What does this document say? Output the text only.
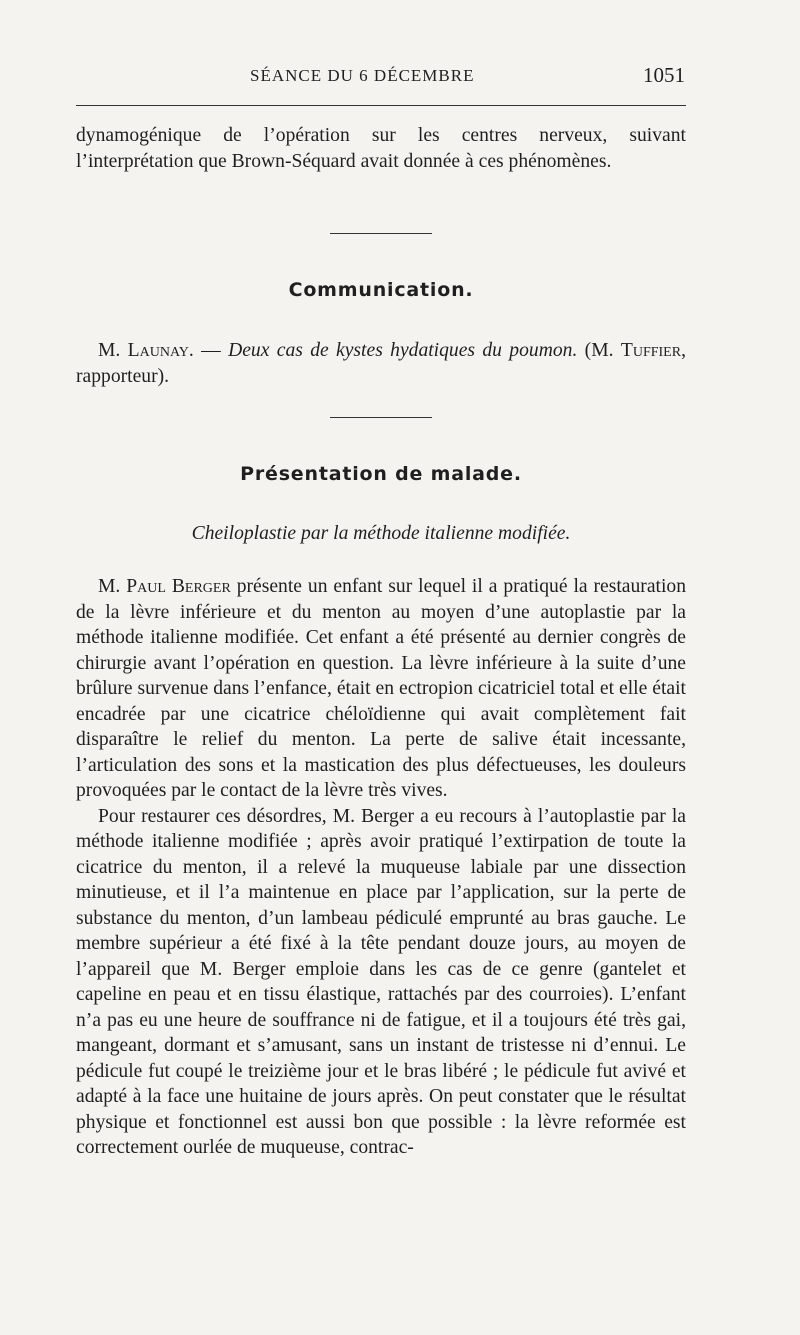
SÉANCE DU 6 DÉCEMBRE	1051

dynamogénique de l’opération sur les centres nerveux, suivant l’interprétation que Brown-Séquard avait donnée à ces phénomènes.

Communication.

M. Launay. — Deux cas de kystes hydatiques du poumon. (M. Tuffier, rapporteur).

Présentation de malade.
Cheiloplastie par la méthode italienne modifiée.

M. Paul Berger présente un enfant sur lequel il a pratiqué la restauration de la lèvre inférieure et du menton au moyen d’une autoplastie par la méthode italienne modifiée. Cet enfant a été présenté au dernier congrès de chirurgie avant l’opération en question. La lèvre inférieure à la suite d’une brûlure survenue dans l’enfance, était en ectropion cicatriciel total et elle était encadrée par une cicatrice chéloïdienne qui avait complètement fait disparaître le relief du menton. La perte de salive était incessante, l’articulation des sons et la mastication des plus défectueuses, les douleurs provoquées par le contact de la lèvre très vives.

Pour restaurer ces désordres, M. Berger a eu recours à l’autoplastie par la méthode italienne modifiée ; après avoir pratiqué l’extirpation de toute la cicatrice du menton, il a relevé la muqueuse labiale par une dissection minutieuse, et il l’a maintenue en place par l’application, sur la perte de substance du menton, d’un lambeau pédiculé emprunté au bras gauche. Le membre supérieur a été fixé à la tête pendant douze jours, au moyen de l’appareil que M. Berger emploie dans les cas de ce genre (gantelet et capeline en peau et en tissu élastique, rattachés par des courroies). L’enfant n’a pas eu une heure de souffrance ni de fatigue, et il a toujours été très gai, mangeant, dormant et s’amusant, sans un instant de tristesse ni d’ennui. Le pédicule fut coupé le treizième jour et le bras libéré ; le pédicule fut avivé et adapté à la face une huitaine de jours après. On peut constater que le résultat physique et fonctionnel est aussi bon que possible : la lèvre reformée est correctement ourlée de muqueuse, contrac-
